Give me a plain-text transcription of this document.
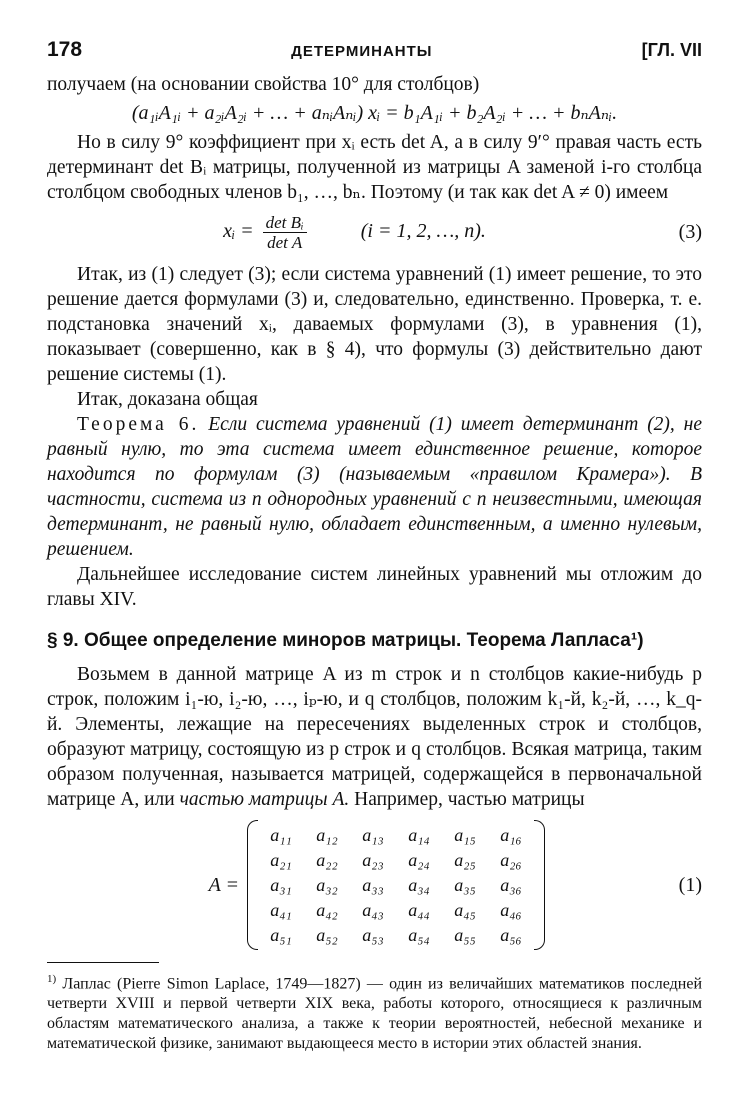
178	ДЕТЕРМИНАНТЫ	[ГЛ. VII

получаем (на основании свойства 10° для столбцов)

(a₁ᵢA₁ᵢ + a₂ᵢA₂ᵢ + … + aₙᵢAₙᵢ) xᵢ = b₁A₁ᵢ + b₂A₂ᵢ + … + bₙAₙᵢ.

Но в силу 9° коэффициент при xᵢ есть det A, а в силу 9′° правая часть есть детерминант det Bᵢ матрицы, полученной из матрицы A заменой i-го столбца столбцом свободных членов b₁, …, bₙ. Поэтому (и так как det A ≠ 0) имеем

xᵢ = $\frac{\text{det Bᵢ}}{\text{det A}}$	(i = 1, 2, …, n).	(3)

Итак, из (1) следует (3); если система уравнений (1) имеет решение, то это решение дается формулами (3) и, следовательно, единственно. Проверка, т. е. подстановка значений xᵢ, даваемых формулами (3), в уравнения (1), показывает (совершенно, как в § 4), что формулы (3) действительно дают решение системы (1).

Итак, доказана общая

Теорема 6. Если система уравнений (1) имеет детерминант (2), не равный нулю, то эта система имеет единственное решение, которое находится по формулам (3) (называемым «правилом Крамера»). В частности, система из n однородных уравнений с n неизвестными, имеющая детерминант, не равный нулю, обладает единственным, а именно нулевым, решением.

Дальнейшее исследование систем линейных уравнений мы отложим до главы XIV.

§ 9. Общее определение миноров матрицы. Теорема Лапласа¹)

Возьмем в данной матрице A из m строк и n столбцов какие-нибудь p строк, положим i₁-ю, i₂-ю, …, iₚ-ю, и q столбцов, положим k₁-й, k₂-й, …, k_q-й. Элементы, лежащие на пересечениях выделенных строк и столбцов, образуют матрицу, состоящую из p строк и q столбцов. Всякая матрица, таким образом полученная, называется матрицей, содержащейся в первоначальной матрице A, или частью матрицы A. Например, частью матрицы

A =
a₁₁	a₁₂	a₁₃	a₁₄	a₁₅	a₁₆
a₂₁	a₂₂	a₂₃	a₂₄	a₂₅	a₂₆
a₃₁	a₃₂	a₃₃	a₃₄	a₃₅	a₃₆
a₄₁	a₄₂	a₄₃	a₄₄	a₄₅	a₄₆
a₅₁	a₅₂	a₅₃	a₅₄	a₅₅	a₅₆
(1)

$^{1)}$ Лаплас (Pierre Simon Laplace, 1749—1827) — один из величайших математиков последней четверти XVIII и первой четверти XIX века, работы которого, относящиеся к различным областям математического анализа, а также к теории вероятностей, небесной механике и математической физике, занимают выдающееся место в истории этих областей знания.
